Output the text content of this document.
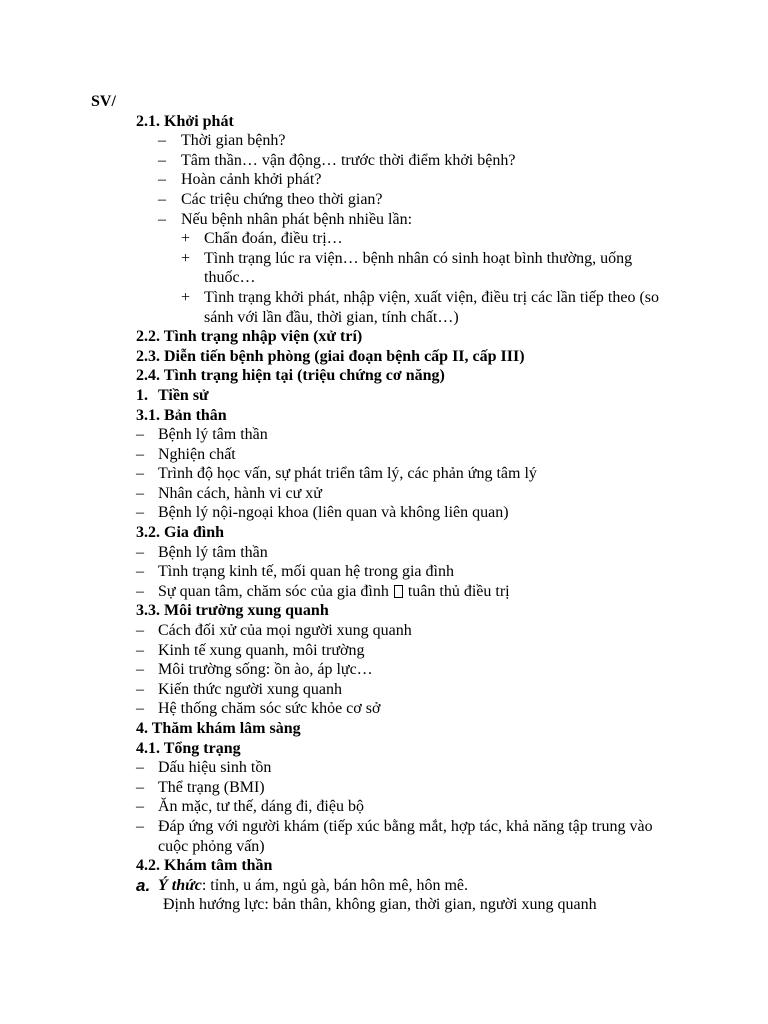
SV/
2.1. Khởi phát
– Thời gian bệnh?
– Tâm thần… vận động… trước thời điểm khởi bệnh?
– Hoàn cảnh khởi phát?
– Các triệu chứng theo thời gian?
– Nếu bệnh nhân phát bệnh nhiều lần:
+ Chẩn đoán, điều trị…
+ Tình trạng lúc ra viện… bệnh nhân có sinh hoạt bình thường, uống thuốc…
+ Tình trạng khởi phát, nhập viện, xuất viện, điều trị các lần tiếp theo (so sánh với lần đầu, thời gian, tính chất…)
2.2. Tình trạng nhập viện (xử trí)
2.3. Diễn tiến bệnh phòng (giai đoạn bệnh cấp II, cấp III)
2.4. Tình trạng hiện tại (triệu chứng cơ năng)
1. Tiền sử
3.1. Bản thân
– Bệnh lý tâm thần
– Nghiện chất
– Trình độ học vấn, sự phát triển tâm lý, các phản ứng tâm lý
– Nhân cách, hành vi cư xử
– Bệnh lý nội-ngoại khoa (liên quan và không liên quan)
3.2. Gia đình
– Bệnh lý tâm thần
– Tình trạng kinh tế, mối quan hệ trong gia đình
– Sự quan tâm, chăm sóc của gia đình tuân thủ điều trị
3.3. Môi trường xung quanh
– Cách đối xử của mọi người xung quanh
– Kinh tế xung quanh, môi trường
– Môi trường sống: ồn ào, áp lực…
– Kiến thức người xung quanh
– Hệ thống chăm sóc sức khỏe cơ sở
4. Thăm khám lâm sàng
4.1. Tổng trạng
– Dấu hiệu sinh tồn
– Thể trạng (BMI)
– Ăn mặc, tư thế, dáng đi, điệu bộ
– Đáp ứng với người khám (tiếp xúc bằng mắt, hợp tác, khả năng tập trung vào cuộc phỏng vấn)
4.2. Khám tâm thần
a. Ý thức: tỉnh, u ám, ngủ gà, bán hôn mê, hôn mê.
Định hướng lực: bản thân, không gian, thời gian, người xung quanh
